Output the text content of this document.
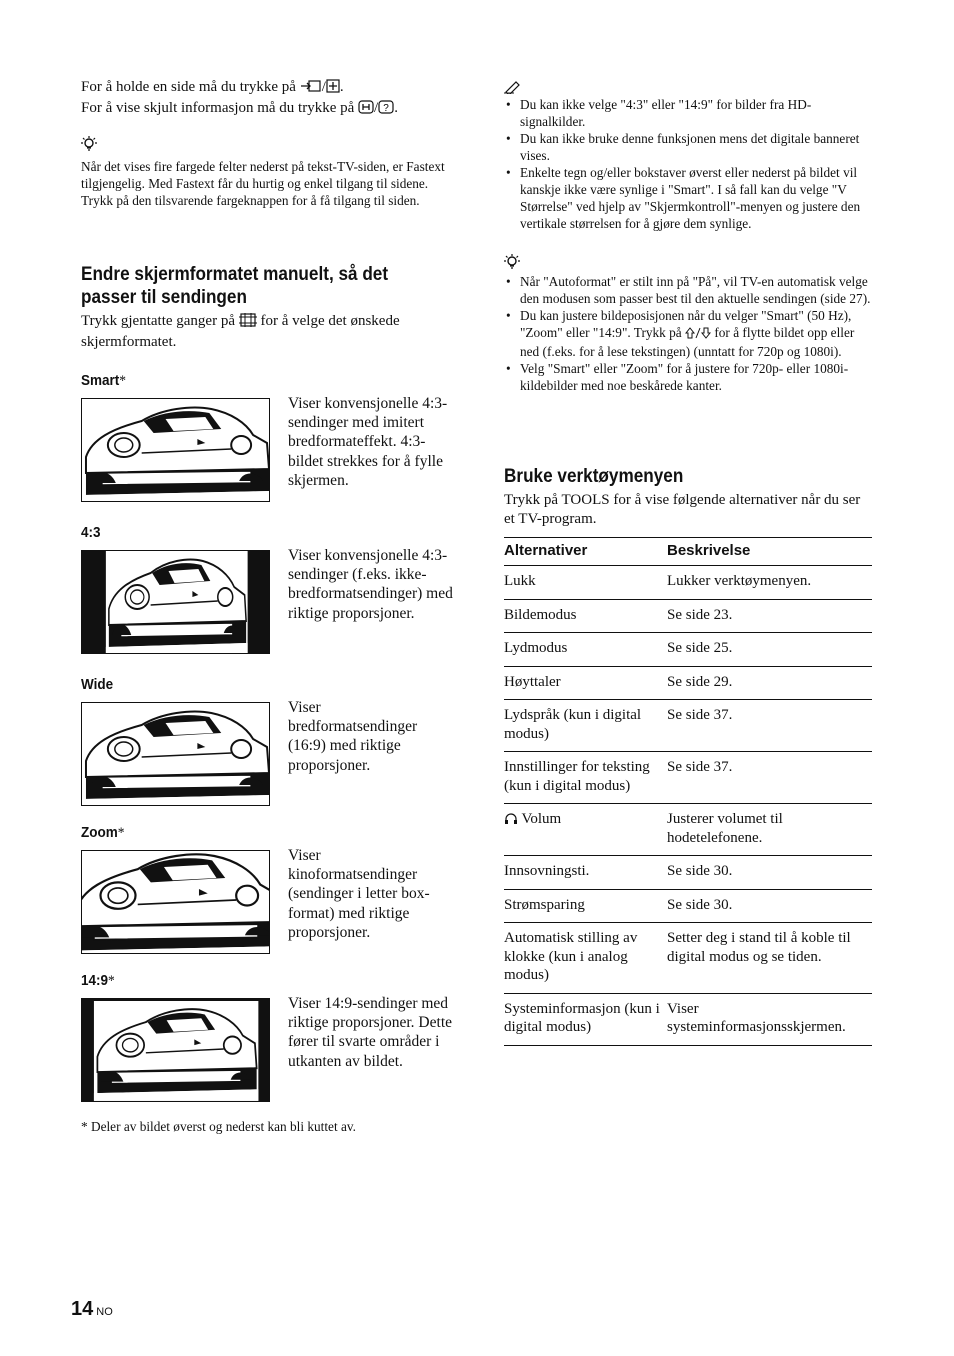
For å holde en side må du trykke på / .
For å vise skjult informasjon må du trykke på / ? .
Når det vises fire fargede felter nederst på tekst-TV-siden, er Fastext tilgjengelig. Med Fastext får du hurtig og enkel tilgang til sidene. Trykk på den tilsvarende fargeknappen for å få tilgang til siden.
Endre skjermformatet manuelt, så det
passer til sendingen
Trykk gjentatte ganger på for å velge det ønskede skjermformatet.
Smart*
Viser konvensjonelle 4:3-sendinger med imitert bredformateffekt. 4:3-bildet strekkes for å fylle skjermen.
4:3
Viser konvensjonelle 4:3-sendinger (f.eks. ikke-bredformatsendinger) med riktige proporsjoner.
Wide
Viser bredformatsendinger (16:9) med riktige proporsjoner.
Zoom*
Viser kinoformatsendinger (sendinger i letter box-format) med riktige proporsjoner.
14:9*
Viser 14:9-sendinger med riktige proporsjoner. Dette fører til svarte områder i utkanten av bildet.
* Deler av bildet øverst og nederst kan bli kuttet av.
• Du kan ikke velge "4:3" eller "14:9" for bilder fra HD-signalkilder.
• Du kan ikke bruke denne funksjonen mens det digitale banneret vises.
• Enkelte tegn og/eller bokstaver øverst eller nederst på bildet vil kanskje ikke være synlige i "Smart". I så fall kan du velge "V Størrelse" ved hjelp av "Skjermkontroll"-menyen og justere den vertikale størrelsen for å gjøre dem synlige.
• Når "Autoformat" er stilt inn på "På", vil TV-en automatisk velge den modusen som passer best til den aktuelle sendingen (side 27).
• Du kan justere bildeposisjonen når du velger "Smart" (50 Hz), "Zoom" eller "14:9". Trykk på for å flytte bildet opp eller ned (f.eks. for å lese tekstingen) (unntatt for 720p og 1080i).
• Velg "Smart" eller "Zoom" for å justere for 720p- eller 1080i-kildebilder med noe beskårede kanter.
Bruke verktøymenyen
Trykk på TOOLS for å vise følgende alternativer når du ser et TV-program.
Alternativer	Beskrivelse
Lukk	Lukker verktøymenyen.
Bildemodus	Se side 23.
Lydmodus	Se side 25.
Høyttaler	Se side 29.
Lydspråk (kun i digital modus)	Se side 37.
Innstillinger for teksting (kun i digital modus)	Se side 37.
Volum	Justerer volumet til hodetelefonene.
Innsovningsti.	Se side 30.
Strømsparing	Se side 30.
Automatisk stilling av klokke (kun i analog modus)	Setter deg i stand til å koble til digital modus og se tiden.
Systeminformasjon (kun i digital modus)	Viser systeminformasjonsskjermen.
14 NO
